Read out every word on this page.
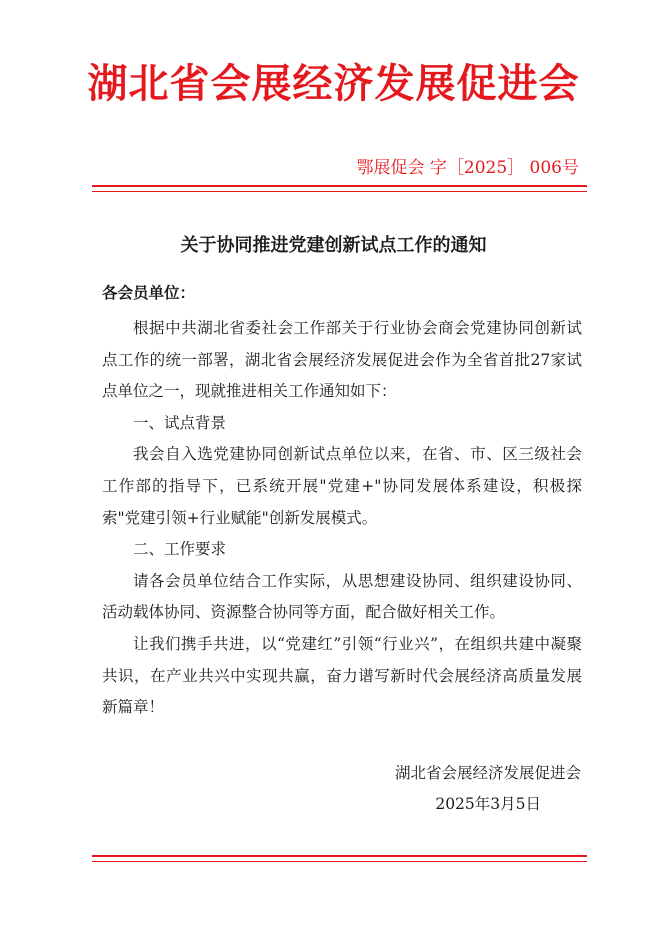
湖北省会展经济发展促进会
鄂展促会 字［2025］ 006号
关于协同推进党建创新试点工作的通知
各会员单位：

根据中共湖北省委社会工作部关于行业协会商会党建协同创新试点工作的统一部署，湖北省会展经济发展促进会作为全省首批27家试点单位之一，现就推进相关工作通知如下：

一、试点背景

我会自入选党建协同创新试点单位以来，在省、市、区三级社会工作部的指导下，已系统开展"党建+"协同发展体系建设，积极探索"党建引领+行业赋能"创新发展模式。

二、工作要求

请各会员单位结合工作实际，从思想建设协同、组织建设协同、活动载体协同、资源整合协同等方面，配合做好相关工作。

让我们携手共进，以“党建红”引领“行业兴”，在组织共建中凝聚共识，在产业共兴中实现共赢，奋力谱写新时代会展经济高质量发展新篇章！

湖北省会展经济发展促进会
2025年3月5日
